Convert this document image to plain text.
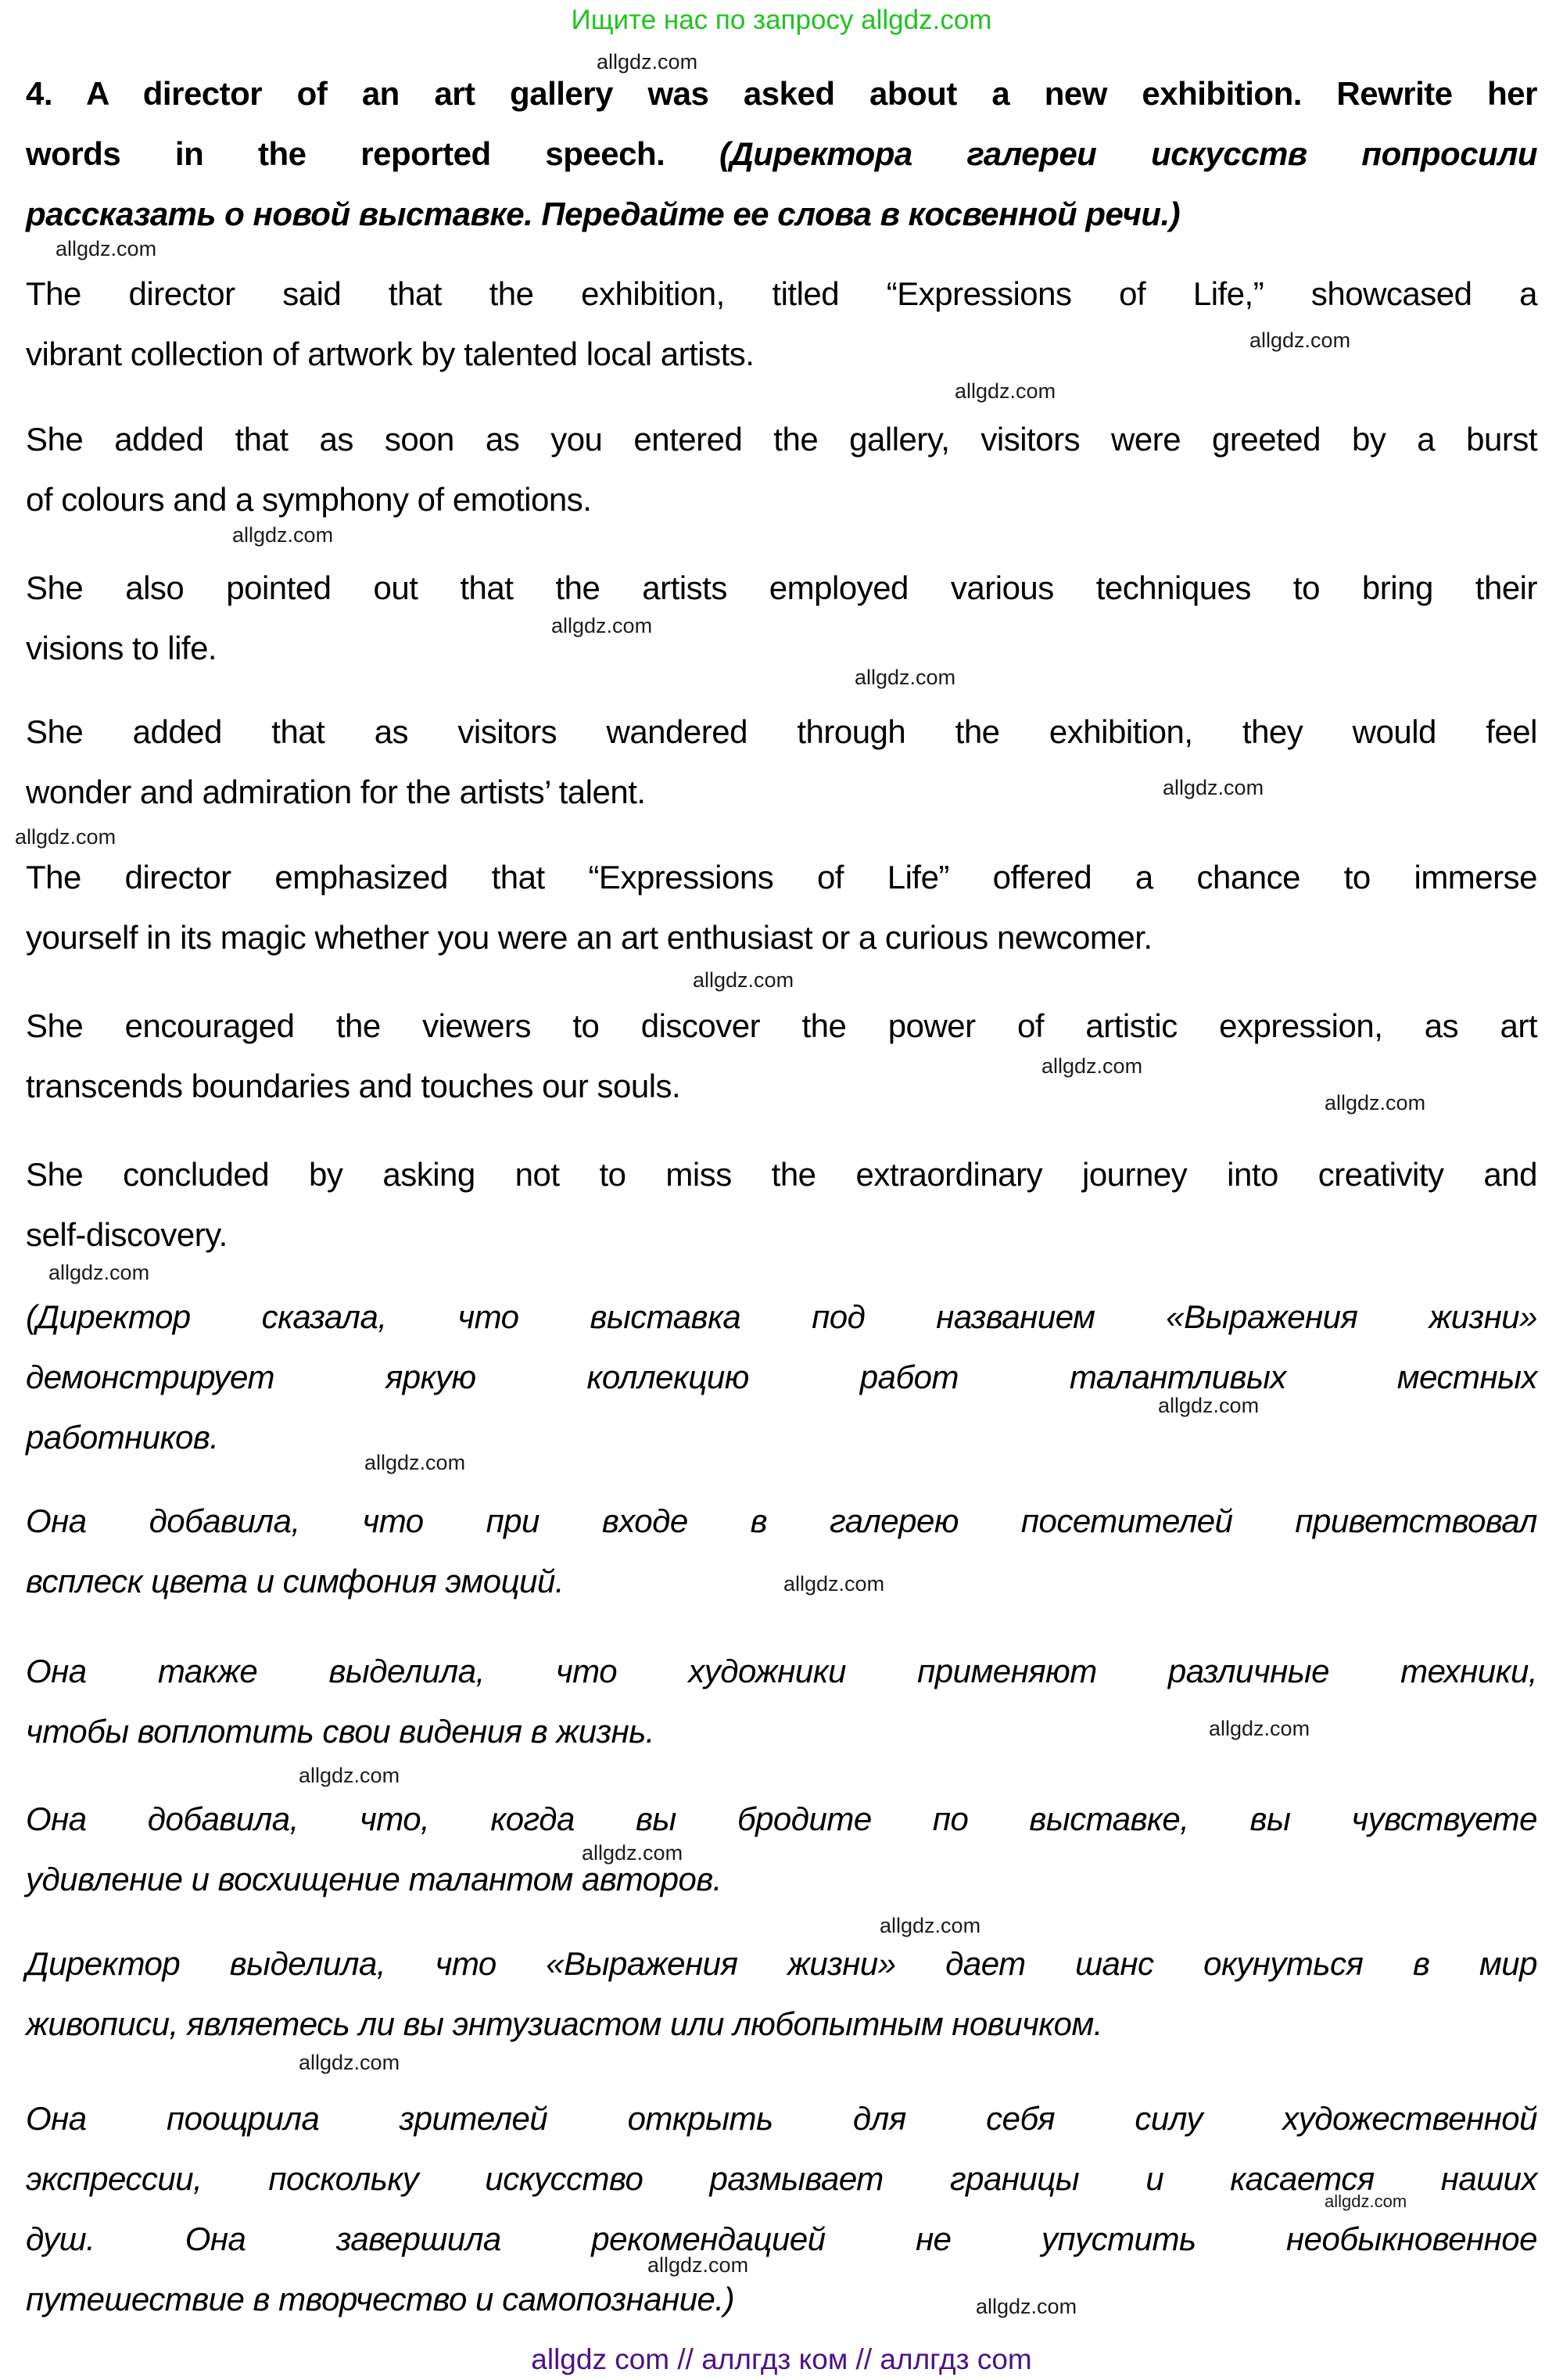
Ищите нас по запросу allgdz.com
4. A director of an art gallery was asked about a new exhibition. Rewrite her
words in the reported speech. (Директора галереи искусств попросили
рассказать о новой выставке. Передайте ее слова в косвенной речи.)
The director said that the exhibition, titled “Expressions of Life,” showcased a
vibrant collection of artwork by talented local artists.
She added that as soon as you entered the gallery, visitors were greeted by a burst
of colours and a symphony of emotions.
She also pointed out that the artists employed various techniques to bring their
visions to life.
She added that as visitors wandered through the exhibition, they would feel
wonder and admiration for the artists’ talent.
The director emphasized that “Expressions of Life” offered a chance to immerse
yourself in its magic whether you were an art enthusiast or a curious newcomer.
She encouraged the viewers to discover the power of artistic expression, as art
transcends boundaries and touches our souls.
She concluded by asking not to miss the extraordinary journey into creativity and
self-discovery.
(Директор сказала, что выставка под названием «Выражения жизни»
демонстрирует яркую коллекцию работ талантливых местных
работников.
Она добавила, что при входе в галерею посетителей приветствовал
всплеск цвета и симфония эмоций.
Она также выделила, что художники применяют различные техники,
чтобы воплотить свои видения в жизнь.
Она добавила, что, когда вы бродите по выставке, вы чувствуете
удивление и восхищение талантом авторов.
Директор выделила, что «Выражения жизни» дает шанс окунуться в мир
живописи, являетесь ли вы энтузиастом или любопытным новичком.
Она поощрила зрителей открыть для себя силу художественной
экспрессии, поскольку искусство размывает границы и касается наших
душ. Она завершила рекомендацией не упустить необыкновенное
путешествие в творчество и самопознание.)
allgdz.com
allgdz.com
allgdz.com
allgdz.com
allgdz.com
allgdz.com
allgdz.com
allgdz.com
allgdz.com
allgdz.com
allgdz.com
allgdz.com
allgdz.com
allgdz.com
allgdz.com
allgdz.com
allgdz.com
allgdz.com
allgdz.com
allgdz.com
allgdz.com
allgdz.com
allgdz.com
allgdz.com
allgdz com // аллгдз ком // аллгдз com
